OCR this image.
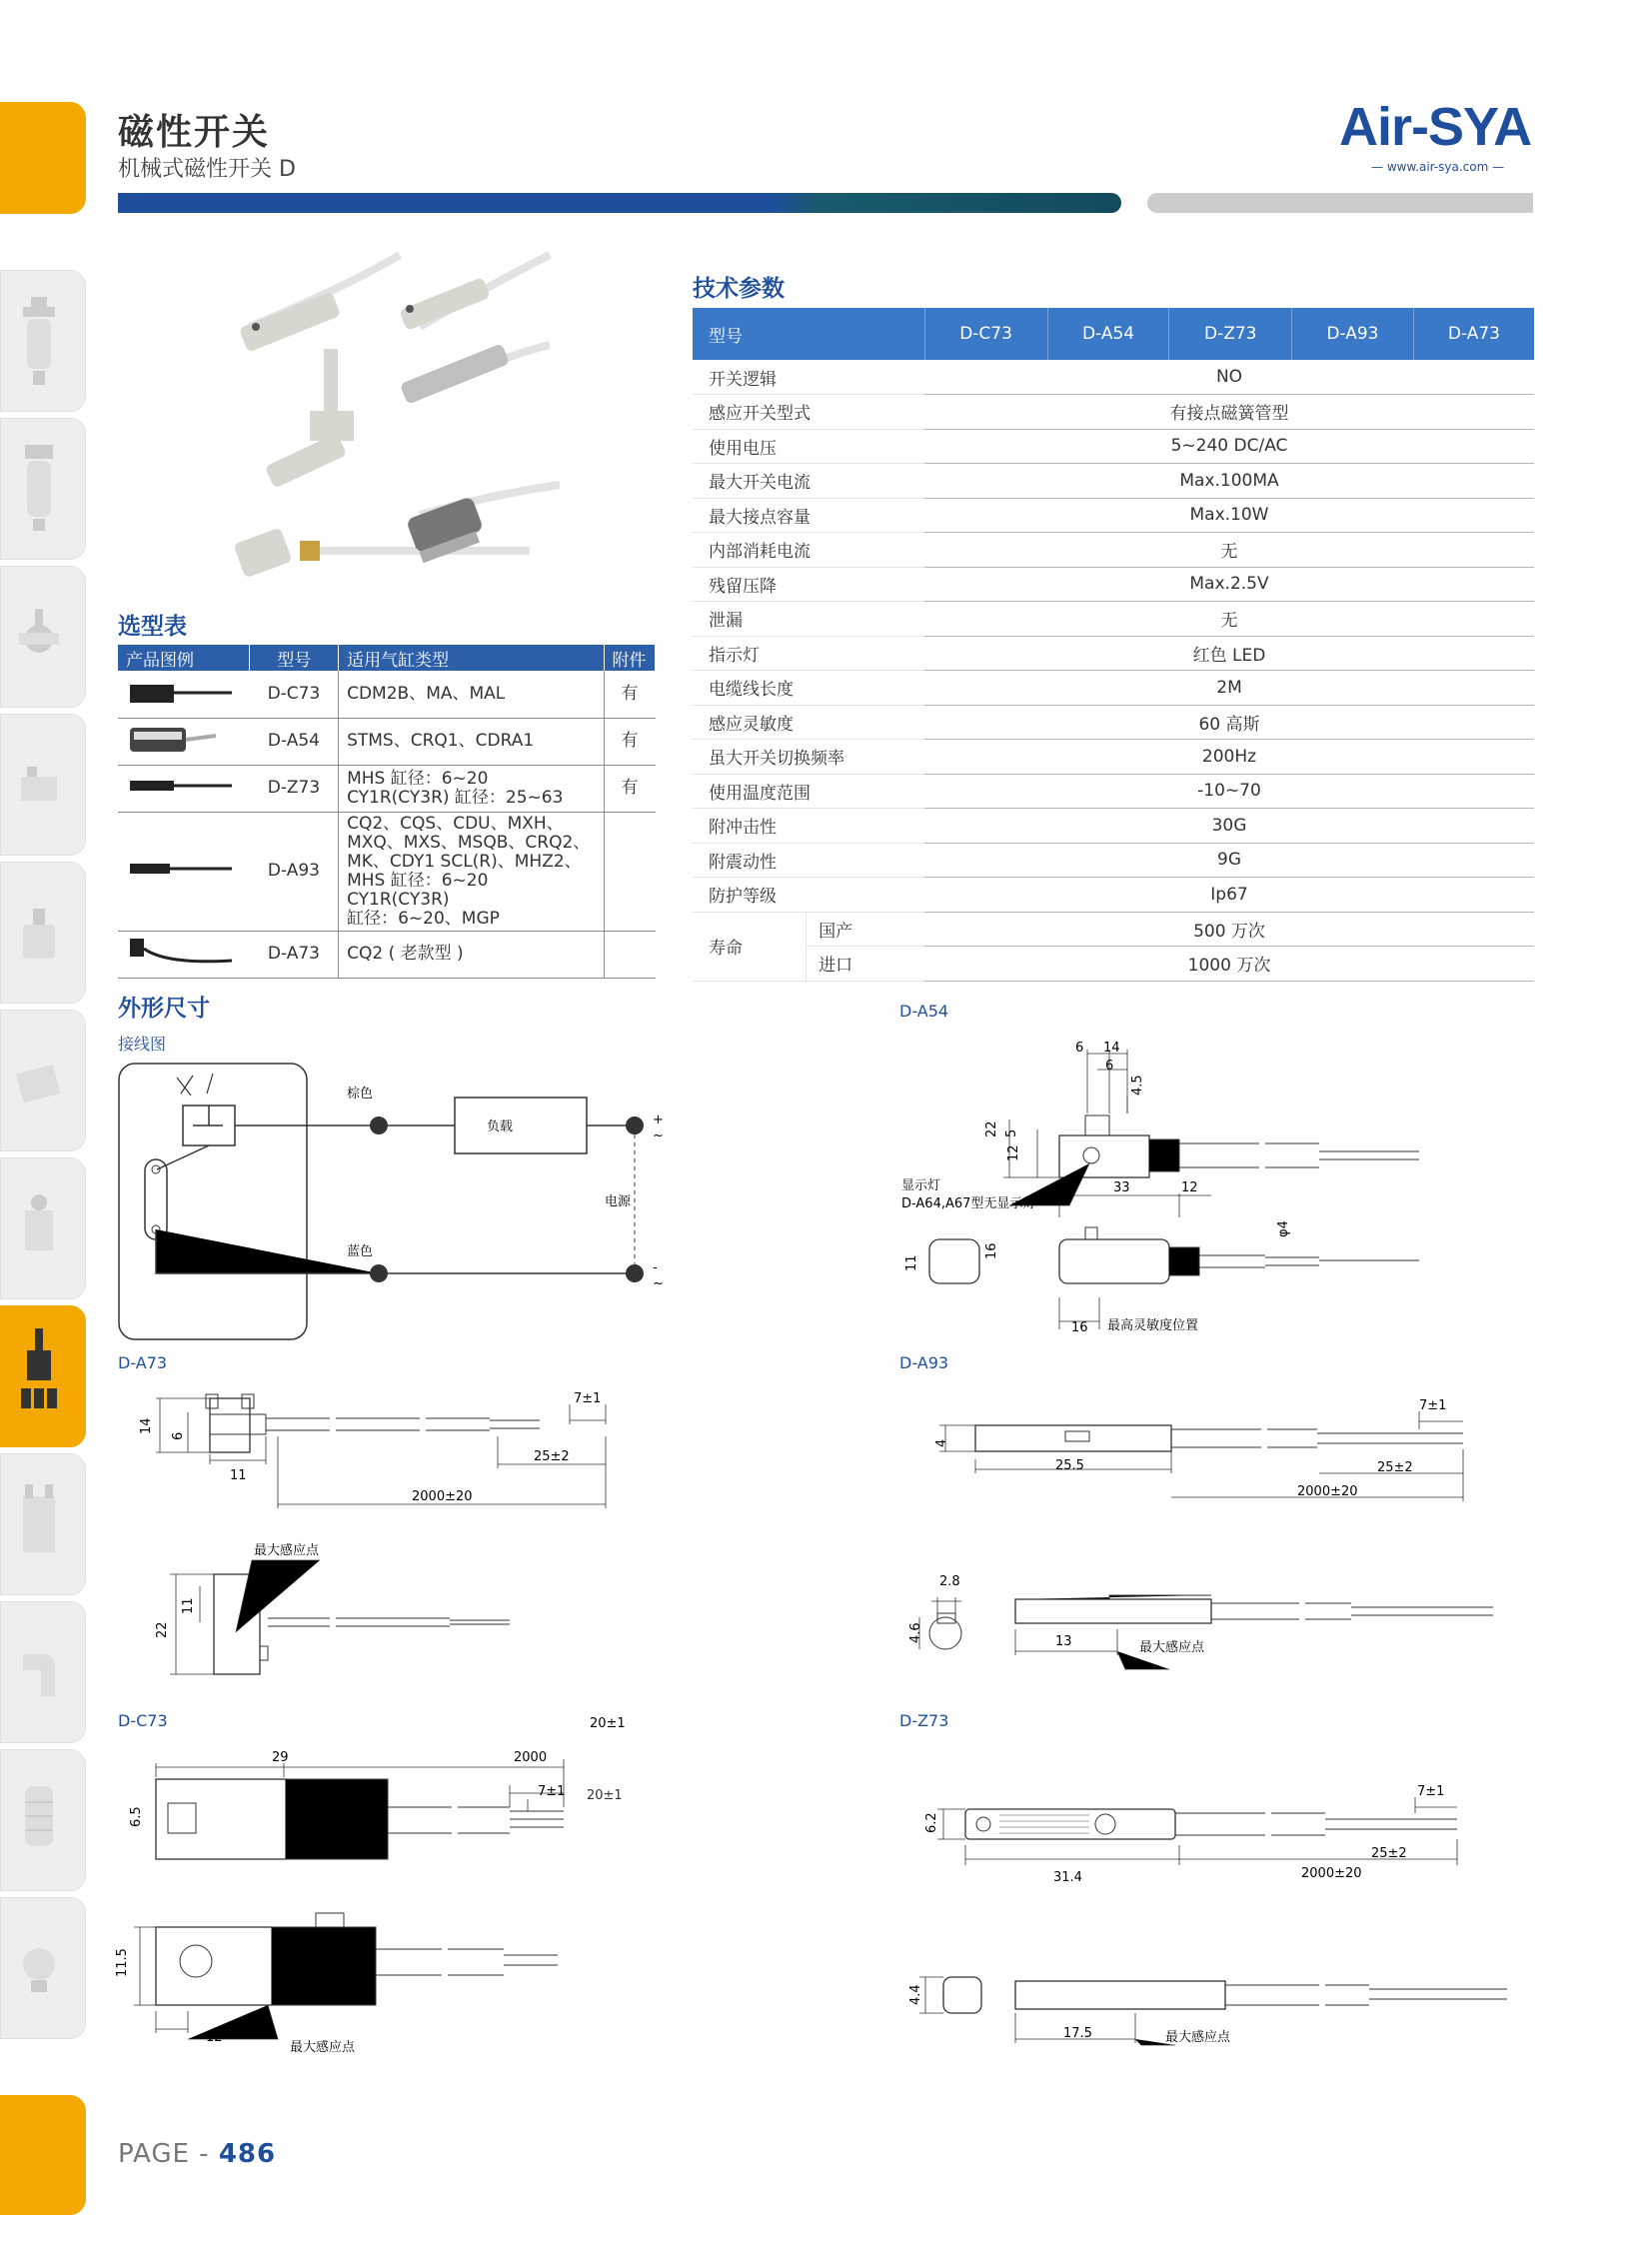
磁性开关
机械式磁性开关 D
Air-SYA
— www.air-sya.com —
选型表
产品图例	型号	适用气缸类型	附件
	D-C73	CDM2B、MA、MAL	有
	D-A54	STMS、CRQ1、CDRA1	有
	D-Z73	MHS 缸径：6~20
CY1R(CY3R) 缸径：25~63	有
	D-A93	CQ2、CQS、CDU、MXH、
MXQ、MXS、MSQB、CRQ2、
MK、CDY1 SCL(R)、MHZ2、
MHS 缸径：6~20 CY1R(CY3R)
缸径：6~20、MGP	
	D-A73	CQ2 ( 老款型 )	
技术参数
型号		D-C73	D-A54	D-Z73	D-A93	D-A73
开关逻辑		NO				
感应开关型式		有接点磁簧管型				
使用电压		5~240 DC/AC				
最大开关电流		Max.100MA				
最大接点容量		Max.10W				
内部消耗电流		无				
残留压降		Max.2.5V				
泄漏		无				
指示灯		红色 LED				
电缆线长度		2M				
感应灵敏度		60 高斯				
虽大开关切换频率		200Hz				
使用温度范围		-10~70				
附冲击性		30G				
附震动性		9G				
防护等级		Ip67				
寿命	国产	500 万次				
	进口	1000 万次				
外形尺寸
接线图
棕色
蓝色
负载
电源
+
~
-
~
D-A73
14
6
11
7±1
25±2
2000±20
最大感应点
22
11
D-C73
29	2000
20±1
7±1
6.5
11.5
12
最大感应点
20±1
D-A54
6 14
6
4.5
22 5
12
33	12
显示灯
D-A64,A67型无显示灯
11
16
φ4
16 最高灵敏度位置
D-A93
4
25.5
7±1
25±2
2000±20
2.8
4.6	13	最大感应点
D-Z73
6.2
31.4
7±1
25±2
2000±20
4.4
17.5	最大感应点
PAGE - 486
